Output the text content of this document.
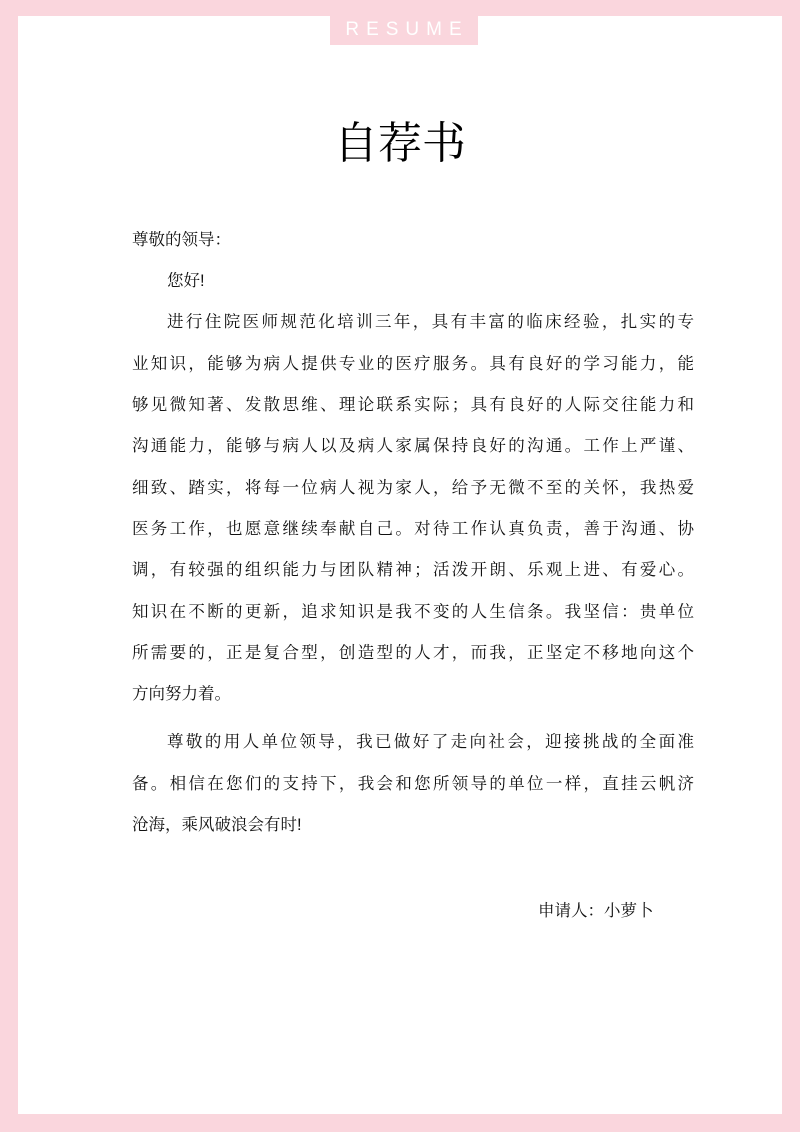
RESUME
自荐书
尊敬的领导：
您好!
进行住院医师规范化培训三年，具有丰富的临床经验，扎实的专
业知识，能够为病人提供专业的医疗服务。具有良好的学习能力，能
够见微知著、发散思维、理论联系实际；具有良好的人际交往能力和
沟通能力，能够与病人以及病人家属保持良好的沟通。工作上严谨、
细致、踏实，将每一位病人视为家人，给予无微不至的关怀，我热爱
医务工作，也愿意继续奉献自己。对待工作认真负责，善于沟通、协
调，有较强的组织能力与团队精神；活泼开朗、乐观上进、有爱心。
知识在不断的更新，追求知识是我不变的人生信条。我坚信：贵单位
所需要的，正是复合型，创造型的人才，而我，正坚定不移地向这个
方向努力着。
尊敬的用人单位领导，我已做好了走向社会，迎接挑战的全面准
备。相信在您们的支持下，我会和您所领导的单位一样，直挂云帆济
沧海，乘风破浪会有时!
申请人：小萝卜
